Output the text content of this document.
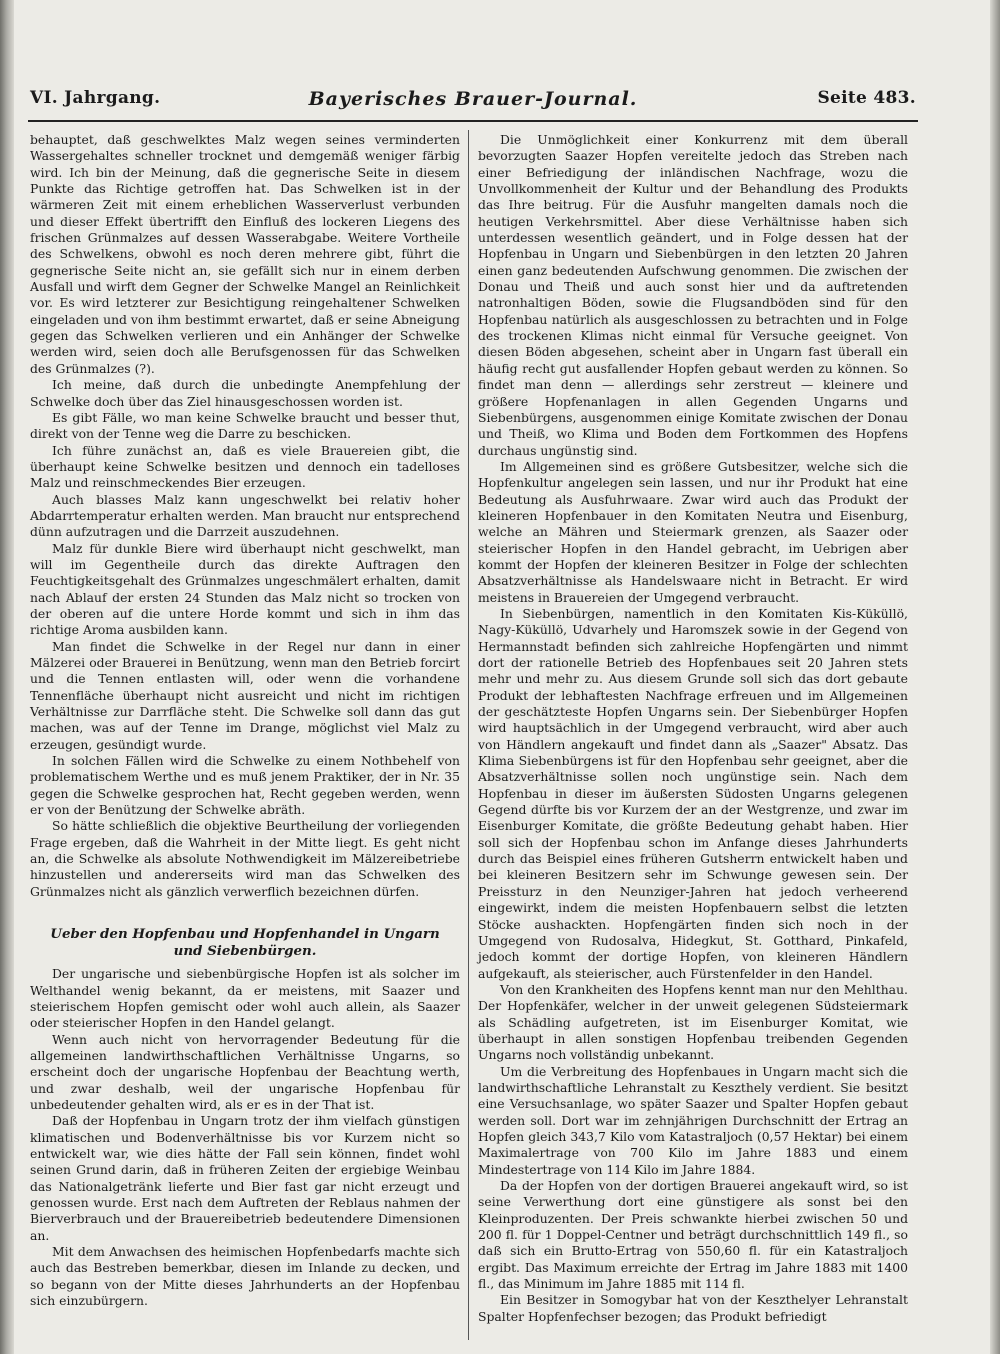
VI. Jahrgang.	Bayerisches Brauer-Journal.	Seite 483.

behauptet, daß geschwelktes Malz wegen seines verminderten Wassergehaltes schneller trocknet und demgemäß weniger färbig wird. Ich bin der Meinung, daß die gegnerische Seite in diesem Punkte das Richtige getroffen hat. Das Schwelken ist in der wärmeren Zeit mit einem erheblichen Wasserverlust verbunden und dieser Effekt übertrifft den Einfluß des lockeren Liegens des frischen Grünmalzes auf dessen Wasserabgabe. Weitere Vortheile des Schwelkens, obwohl es noch deren mehrere gibt, führt die gegnerische Seite nicht an, sie gefällt sich nur in einem derben Ausfall und wirft dem Gegner der Schwelke Mangel an Reinlichkeit vor. Es wird letzterer zur Besichtigung reingehaltener Schwelken eingeladen und von ihm bestimmt erwartet, daß er seine Abneigung gegen das Schwelken verlieren und ein Anhänger der Schwelke werden wird, seien doch alle Berufsgenossen für das Schwelken des Grünmalzes (?).

Ich meine, daß durch die unbedingte Anempfehlung der Schwelke doch über das Ziel hinausgeschossen worden ist.

Es gibt Fälle, wo man keine Schwelke braucht und besser thut, direkt von der Tenne weg die Darre zu beschicken.

Ich führe zunächst an, daß es viele Brauereien gibt, die überhaupt keine Schwelke besitzen und dennoch ein tadelloses Malz und reinschmeckendes Bier erzeugen.

Auch blasses Malz kann ungeschwelkt bei relativ hoher Abdarrtemperatur erhalten werden. Man braucht nur entsprechend dünn aufzutragen und die Darrzeit auszudehnen.

Malz für dunkle Biere wird überhaupt nicht geschwelkt, man will im Gegentheile durch das direkte Auftragen den Feuchtigkeitsgehalt des Grünmalzes ungeschmälert erhalten, damit nach Ablauf der ersten 24 Stunden das Malz nicht so trocken von der oberen auf die untere Horde kommt und sich in ihm das richtige Aroma ausbilden kann.

Man findet die Schwelke in der Regel nur dann in einer Mälzerei oder Brauerei in Benützung, wenn man den Betrieb forcirt und die Tennen entlasten will, oder wenn die vorhandene Tennenfläche überhaupt nicht ausreicht und nicht im richtigen Verhältnisse zur Darrfläche steht. Die Schwelke soll dann das gut machen, was auf der Tenne im Drange, möglichst viel Malz zu erzeugen, gesündigt wurde.

In solchen Fällen wird die Schwelke zu einem Nothbehelf von problematischem Werthe und es muß jenem Praktiker, der in Nr. 35 gegen die Schwelke gesprochen hat, Recht gegeben werden, wenn er von der Benützung der Schwelke abräth.

So hätte schließlich die objektive Beurtheilung der vorliegenden Frage ergeben, daß die Wahrheit in der Mitte liegt. Es geht nicht an, die Schwelke als absolute Nothwendigkeit im Mälzereibetriebe hinzustellen und andererseits wird man das Schwelken des Grünmalzes nicht als gänzlich verwerflich bezeichnen dürfen.

Ueber den Hopfenbau und Hopfenhandel in Ungarn und Siebenbürgen.

Der ungarische und siebenbürgische Hopfen ist als solcher im Welthandel wenig bekannt, da er meistens, mit Saazer und steierischem Hopfen gemischt oder wohl auch allein, als Saazer oder steierischer Hopfen in den Handel gelangt.

Wenn auch nicht von hervorragender Bedeutung für die allgemeinen landwirthschaftlichen Verhältnisse Ungarns, so erscheint doch der ungarische Hopfenbau der Beachtung werth, und zwar deshalb, weil der ungarische Hopfenbau für unbedeutender gehalten wird, als er es in der That ist.

Daß der Hopfenbau in Ungarn trotz der ihm vielfach günstigen klimatischen und Bodenverhältnisse bis vor Kurzem nicht so entwickelt war, wie dies hätte der Fall sein können, findet wohl seinen Grund darin, daß in früheren Zeiten der ergiebige Weinbau das Nationalgetränk lieferte und Bier fast gar nicht erzeugt und genossen wurde. Erst nach dem Auftreten der Reblaus nahmen der Bierverbrauch und der Brauereibetrieb bedeutendere Dimensionen an.

Mit dem Anwachsen des heimischen Hopfenbedarfs machte sich auch das Bestreben bemerkbar, diesen im Inlande zu decken, und so begann von der Mitte dieses Jahrhunderts an der Hopfenbau sich einzubürgern.

Die Unmöglichkeit einer Konkurrenz mit dem überall bevorzugten Saazer Hopfen vereitelte jedoch das Streben nach einer Befriedigung der inländischen Nachfrage, wozu die Unvollkommenheit der Kultur und der Behandlung des Produkts das Ihre beitrug. Für die Ausfuhr mangelten damals noch die heutigen Verkehrsmittel. Aber diese Verhältnisse haben sich unterdessen wesentlich geändert, und in Folge dessen hat der Hopfenbau in Ungarn und Siebenbürgen in den letzten 20 Jahren einen ganz bedeutenden Aufschwung genommen. Die zwischen der Donau und Theiß und auch sonst hier und da auftretenden natronhaltigen Böden, sowie die Flugsandböden sind für den Hopfenbau natürlich als ausgeschlossen zu betrachten und in Folge des trockenen Klimas nicht einmal für Versuche geeignet. Von diesen Böden abgesehen, scheint aber in Ungarn fast überall ein häufig recht gut ausfallender Hopfen gebaut werden zu können. So findet man denn — allerdings sehr zerstreut — kleinere und größere Hopfenanlagen in allen Gegenden Ungarns und Siebenbürgens, ausgenommen einige Komitate zwischen der Donau und Theiß, wo Klima und Boden dem Fortkommen des Hopfens durchaus ungünstig sind.

Im Allgemeinen sind es größere Gutsbesitzer, welche sich die Hopfenkultur angelegen sein lassen, und nur ihr Produkt hat eine Bedeutung als Ausfuhrwaare. Zwar wird auch das Produkt der kleineren Hopfenbauer in den Komitaten Neutra und Eisenburg, welche an Mähren und Steiermark grenzen, als Saazer oder steierischer Hopfen in den Handel gebracht, im Uebrigen aber kommt der Hopfen der kleineren Besitzer in Folge der schlechten Absatzverhältnisse als Handelswaare nicht in Betracht. Er wird meistens in Brauereien der Umgegend verbraucht.

In Siebenbürgen, namentlich in den Komitaten Kis-Küküllö, Nagy-Küküllö, Udvarhely und Haromszek sowie in der Gegend von Hermannstadt befinden sich zahlreiche Hopfengärten und nimmt dort der rationelle Betrieb des Hopfenbaues seit 20 Jahren stets mehr und mehr zu. Aus diesem Grunde soll sich das dort gebaute Produkt der lebhaftesten Nachfrage erfreuen und im Allgemeinen der geschätzteste Hopfen Ungarns sein. Der Siebenbürger Hopfen wird hauptsächlich in der Umgegend verbraucht, wird aber auch von Händlern angekauft und findet dann als „Saazer" Absatz. Das Klima Siebenbürgens ist für den Hopfenbau sehr geeignet, aber die Absatzverhältnisse sollen noch ungünstige sein. Nach dem Hopfenbau in dieser im äußersten Südosten Ungarns gelegenen Gegend dürfte bis vor Kurzem der an der Westgrenze, und zwar im Eisenburger Komitate, die größte Bedeutung gehabt haben. Hier soll sich der Hopfenbau schon im Anfange dieses Jahrhunderts durch das Beispiel eines früheren Gutsherrn entwickelt haben und bei kleineren Besitzern sehr im Schwunge gewesen sein. Der Preissturz in den Neunziger-Jahren hat jedoch verheerend eingewirkt, indem die meisten Hopfenbauern selbst die letzten Stöcke aushackten. Hopfengärten finden sich noch in der Umgegend von Rudosalva, Hidegkut, St. Gotthard, Pinkafeld, jedoch kommt der dortige Hopfen, von kleineren Händlern aufgekauft, als steierischer, auch Fürstenfelder in den Handel.

Von den Krankheiten des Hopfens kennt man nur den Mehlthau. Der Hopfenkäfer, welcher in der unweit gelegenen Südsteiermark als Schädling aufgetreten, ist im Eisenburger Komitat, wie überhaupt in allen sonstigen Hopfenbau treibenden Gegenden Ungarns noch vollständig unbekannt.

Um die Verbreitung des Hopfenbaues in Ungarn macht sich die landwirthschaftliche Lehranstalt zu Keszthely verdient. Sie besitzt eine Versuchsanlage, wo später Saazer und Spalter Hopfen gebaut werden soll. Dort war im zehnjährigen Durchschnitt der Ertrag an Hopfen gleich 343,7 Kilo vom Katastraljoch (0,57 Hektar) bei einem Maximalertrage von 700 Kilo im Jahre 1883 und einem Mindestertrage von 114 Kilo im Jahre 1884.

Da der Hopfen von der dortigen Brauerei angekauft wird, so ist seine Verwerthung dort eine günstigere als sonst bei den Kleinproduzenten. Der Preis schwankte hierbei zwischen 50 und 200 fl. für 1 Doppel-Centner und beträgt durchschnittlich 149 fl., so daß sich ein Brutto-Ertrag von 550,60 fl. für ein Katastraljoch ergibt. Das Maximum erreichte der Ertrag im Jahre 1883 mit 1400 fl., das Minimum im Jahre 1885 mit 114 fl.

Ein Besitzer in Somogybar hat von der Keszthelyer Lehranstalt Spalter Hopfenfechser bezogen; das Produkt befriedigt
